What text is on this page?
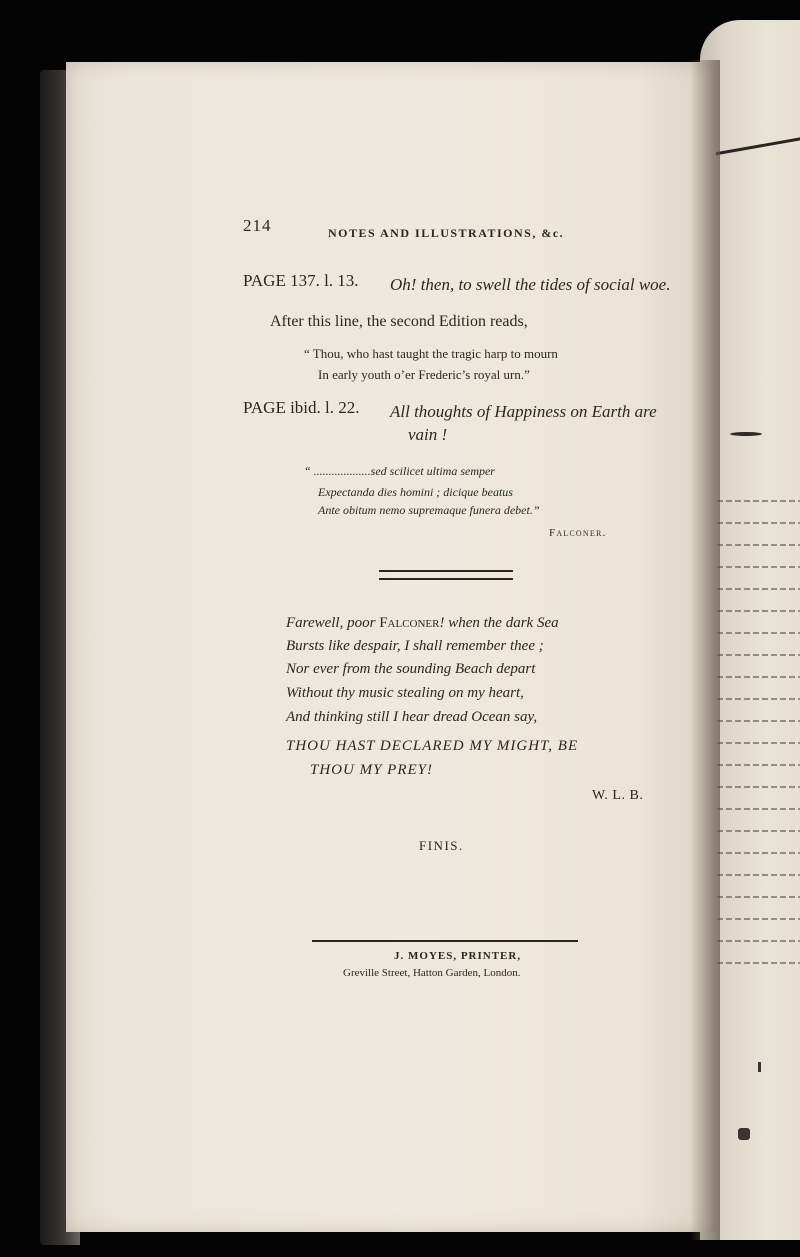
214	NOTES AND ILLUSTRATIONS, &c.
PAGE 137. l. 13. Oh! then, to swell the tides of social woe.
After this line, the second Edition reads,
“ Thou, who hast taught the tragic harp to mourn
In early youth o’er Frederic’s royal urn.”
PAGE ibid. l. 22. All thoughts of Happiness on Earth are
vain !
“ ...................sed scilicet ultima semper
Expectanda dies homini ; dicique beatus
Ante obitum nemo supremaque funera debet.”
Falconer.
Farewell, poor Falconer! when the dark Sea
Bursts like despair, I shall remember thee ;
Nor ever from the sounding Beach depart
Without thy music stealing on my heart,
And thinking still I hear dread Ocean say,
THOU HAST DECLARED MY MIGHT, BE
THOU MY PREY!
W. L. B.
FINIS.
J. MOYES, PRINTER,
Greville Street, Hatton Garden, London.
